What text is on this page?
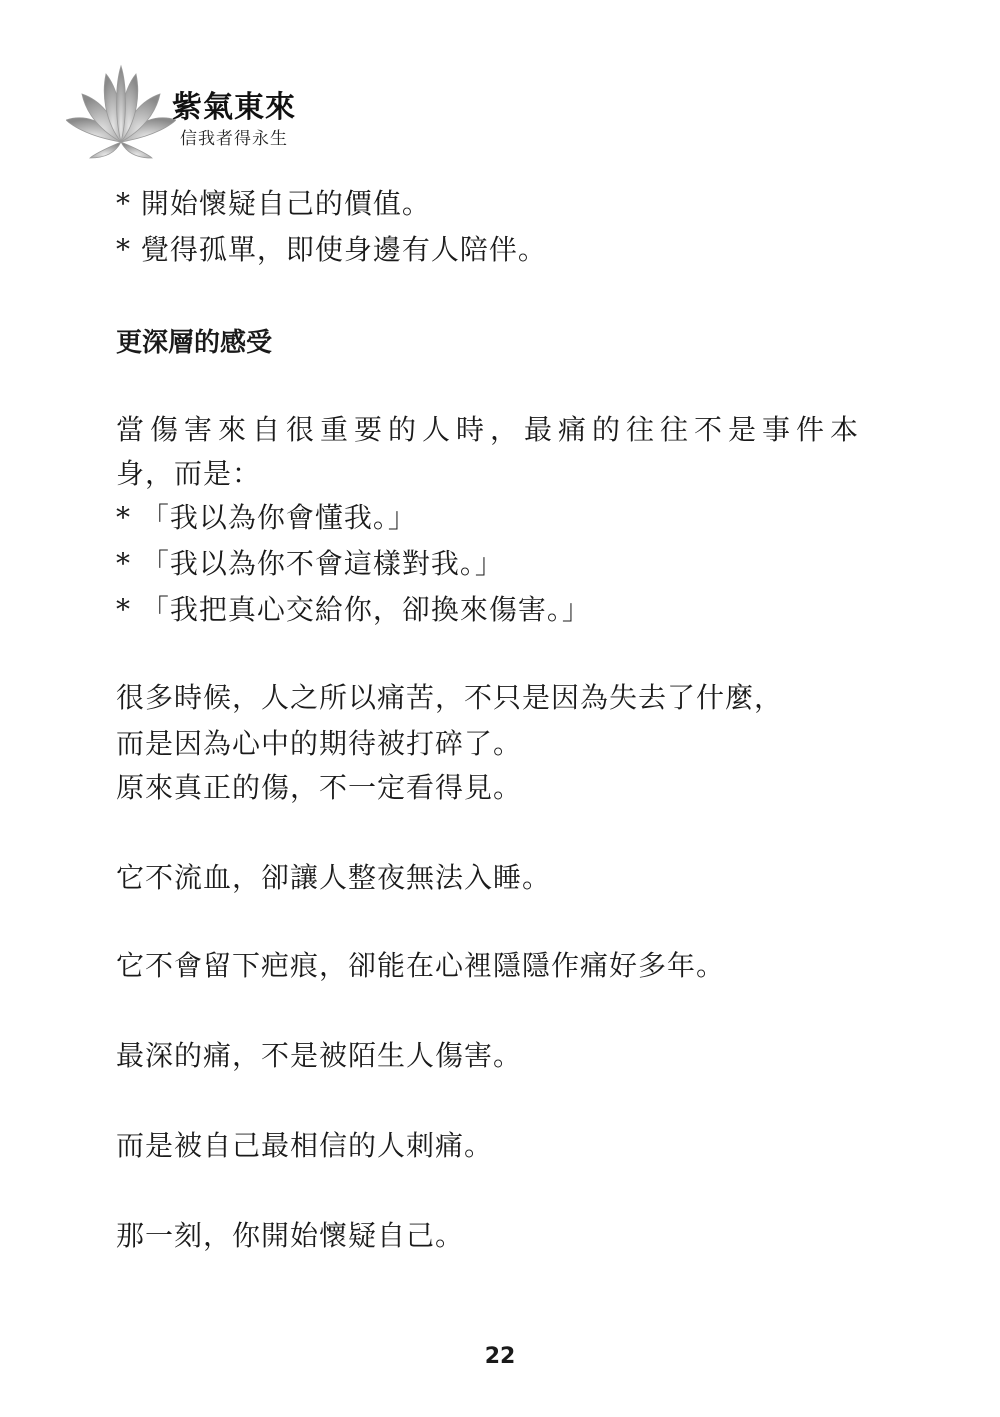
紫氣東來
信我者得永生
* 開始懷疑自己的價值。
* 覺得孤單，即使身邊有人陪伴。
更深層的感受
當傷害來自很重要的人時，最痛的往往不是事件本
身，而是：
* 「我以為你會懂我。」
* 「我以為你不會這樣對我。」
* 「我把真心交給你，卻換來傷害。」
很多時候，人之所以痛苦，不只是因為失去了什麼，
而是因為心中的期待被打碎了。
原來真正的傷，不一定看得見。
它不流血，卻讓人整夜無法入睡。
它不會留下疤痕，卻能在心裡隱隱作痛好多年。
最深的痛，不是被陌生人傷害。
而是被自己最相信的人刺痛。
那一刻，你開始懷疑自己。
22
